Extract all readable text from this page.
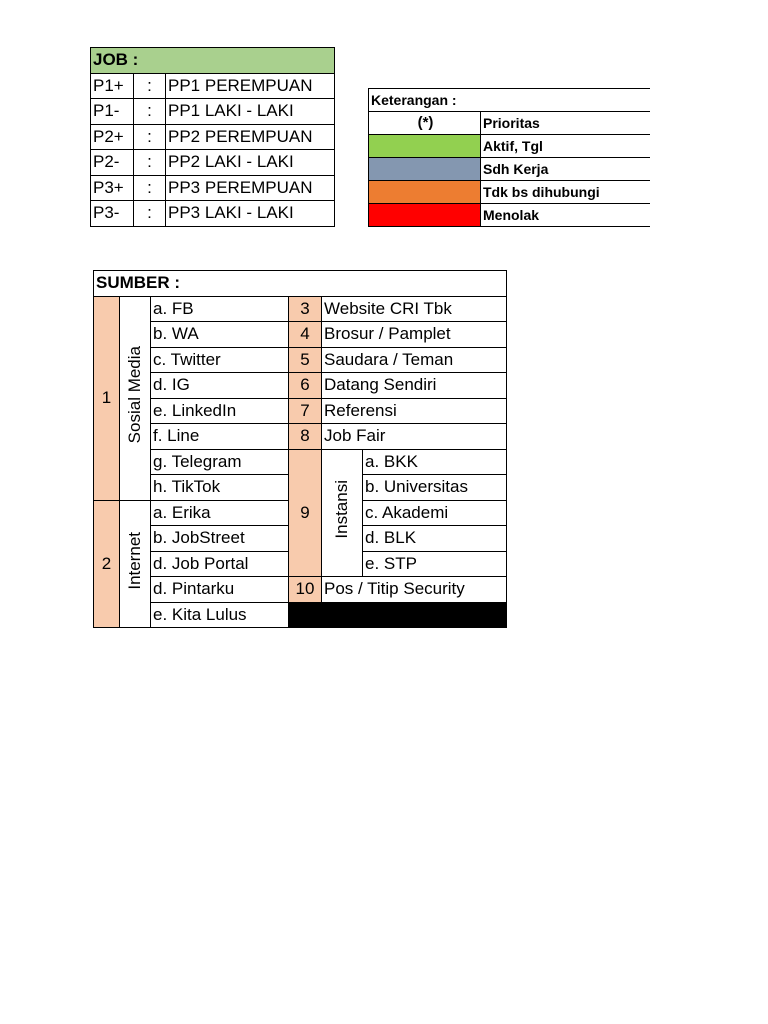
JOB :		
P1+	:	PP1 PEREMPUAN
P1-	:	PP1 LAKI - LAKI
P2+	:	PP2 PEREMPUAN
P2-	:	PP2 LAKI - LAKI
P3+	:	PP3 PEREMPUAN
P3-	:	PP3 LAKI - LAKI
Keterangan :	
(*)	Prioritas
	Aktif, Tgl
	Sdh Kerja
	Tdk bs dihubungi
	Menolak
SUMBER :					
1	Sosial Media	a. FB	3	Website CRI Tbk	
		b. WA	4	Brosur / Pamplet	
		c. Twitter	5	Saudara / Teman	
		d. IG	6	Datang Sendiri	
		e. LinkedIn	7	Referensi	
		f. Line	8	Job Fair	
		g. Telegram	9	Instansi	a. BKK
		h. TikTok			b. Universitas
2	Internet	a. Erika			c. Akademi
		b. JobStreet			d. BLK
		d. Job Portal			e. STP
		d. Pintarku	10	Pos / Titip Security	
		e. Kita Lulus			
